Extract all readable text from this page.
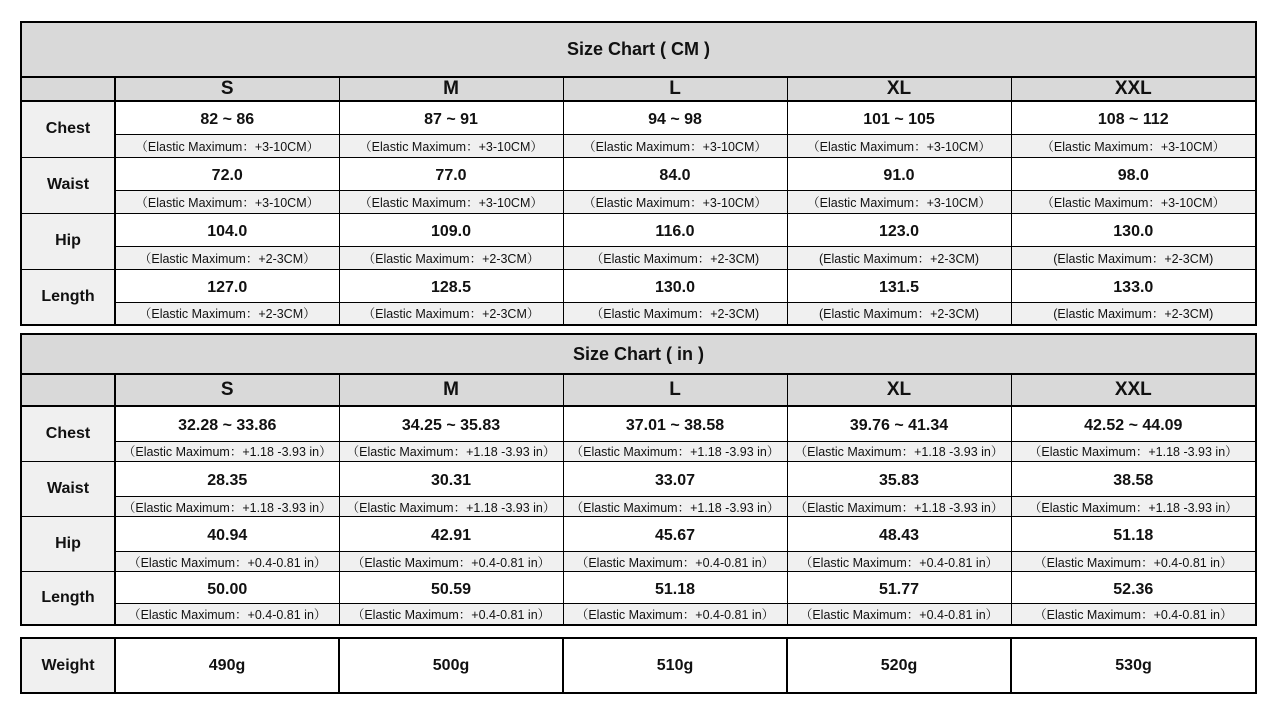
Size Chart ( CM )					
	S	M	L	XL	XXL
Chest	82 ~ 86	87 ~ 91	94 ~ 98	101 ~ 105	108 ~ 112
	（Elastic Maximum：+3-10CM）	（Elastic Maximum：+3-10CM）	（Elastic Maximum：+3-10CM）	（Elastic Maximum：+3-10CM）	（Elastic Maximum：+3-10CM）
Waist	72.0	77.0	84.0	91.0	98.0
	（Elastic Maximum：+3-10CM）	（Elastic Maximum：+3-10CM）	（Elastic Maximum：+3-10CM）	（Elastic Maximum：+3-10CM）	（Elastic Maximum：+3-10CM）
Hip	104.0	109.0	116.0	123.0	130.0
	（Elastic Maximum：+2-3CM）	（Elastic Maximum：+2-3CM）	（Elastic Maximum：+2-3CM)	(Elastic Maximum：+2-3CM)	(Elastic Maximum：+2-3CM)
Length	127.0	128.5	130.0	131.5	133.0
	（Elastic Maximum：+2-3CM）	（Elastic Maximum：+2-3CM）	（Elastic Maximum：+2-3CM)	(Elastic Maximum：+2-3CM)	(Elastic Maximum：+2-3CM)
Size Chart ( in )					
	S	M	L	XL	XXL
Chest	32.28 ~ 33.86	34.25 ~ 35.83	37.01 ~ 38.58	39.76 ~ 41.34	42.52 ~ 44.09
	（Elastic Maximum：+1.18 -3.93 in）	（Elastic Maximum：+1.18 -3.93 in）	（Elastic Maximum：+1.18 -3.93 in）	（Elastic Maximum：+1.18 -3.93 in）	（Elastic Maximum：+1.18 -3.93 in）
Waist	28.35	30.31	33.07	35.83	38.58
	（Elastic Maximum：+1.18 -3.93 in）	（Elastic Maximum：+1.18 -3.93 in）	（Elastic Maximum：+1.18 -3.93 in）	（Elastic Maximum：+1.18 -3.93 in）	（Elastic Maximum：+1.18 -3.93 in）
Hip	40.94	42.91	45.67	48.43	51.18
	（Elastic Maximum：+0.4-0.81 in）	（Elastic Maximum：+0.4-0.81 in）	（Elastic Maximum：+0.4-0.81 in）	（Elastic Maximum：+0.4-0.81 in）	（Elastic Maximum：+0.4-0.81 in）
Length	50.00	50.59	51.18	51.77	52.36
	（Elastic Maximum：+0.4-0.81 in）	（Elastic Maximum：+0.4-0.81 in）	（Elastic Maximum：+0.4-0.81 in）	（Elastic Maximum：+0.4-0.81 in）	（Elastic Maximum：+0.4-0.81 in）
Weight	490g	500g	510g	520g	530g
